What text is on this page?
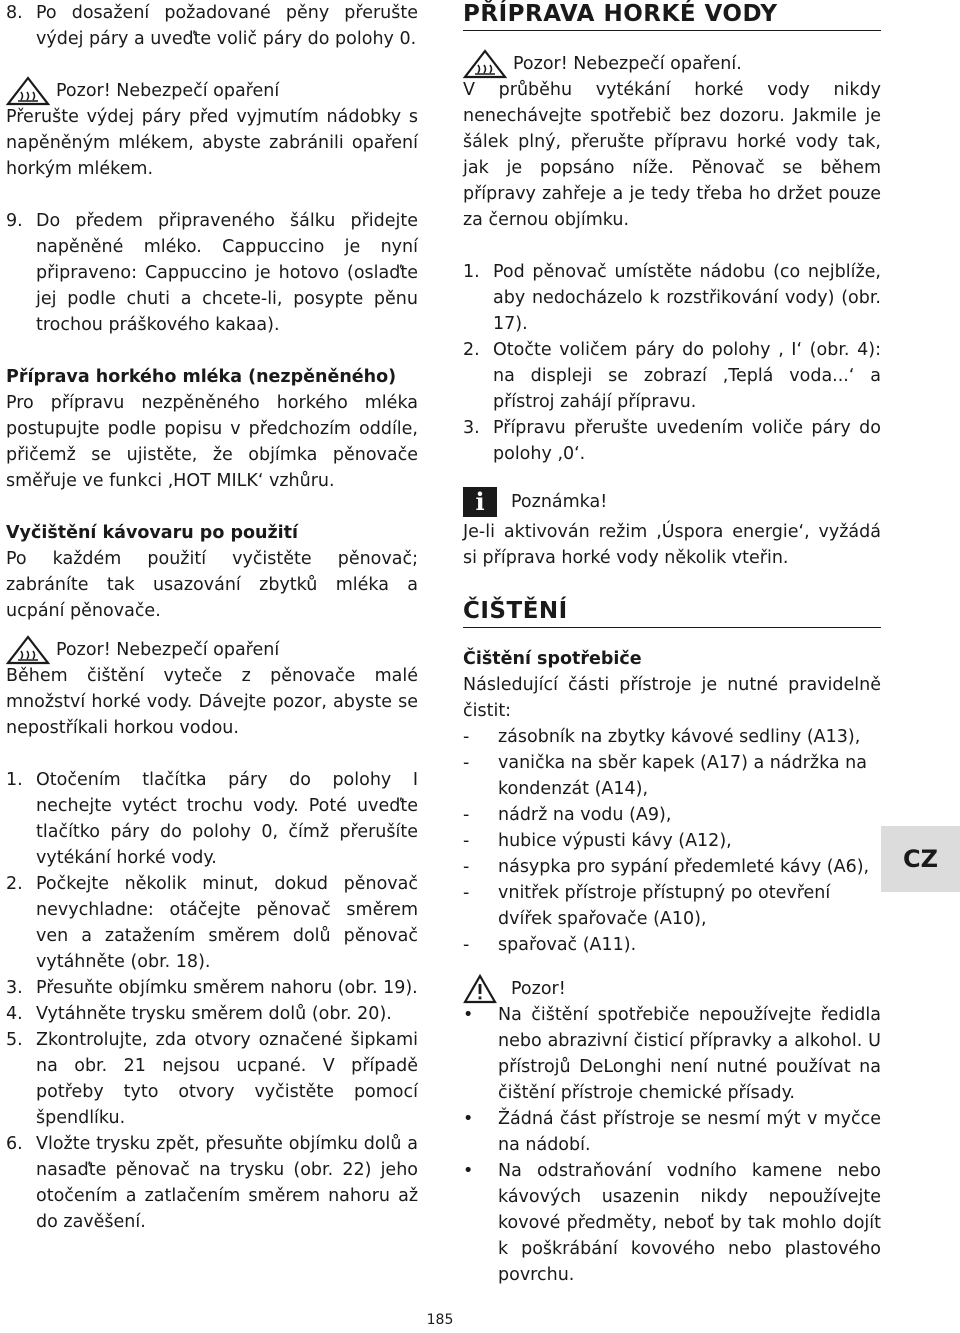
8. Po dosažení požadované pěny přerušte výdej páry a uveďte volič páry do polohy 0.
Pozor! Nebezpečí opaření

Přerušte výdej páry před vyjmutím nádobky s napěněným mlékem, abyste zabránili opaření horkým mlékem.

9. Do předem připraveného šálku přidejte napěněné mléko. Cappuccino je nyní připraveno: Cappuccino je hotovo (oslaďte jej podle chuti a chcete-li, posypte pěnu trochou práškového kakaa).

Příprava horkého mléka (nezpěněného)

Pro přípravu nezpěněného horkého mléka postupujte podle popisu v předchozím oddíle, přičemž se ujistěte, že objímka pěnovače směřuje ve funkci ‚HOT MILK‘ vzhůru.

Vyčištění kávovaru po použití

Po každém použití vyčistěte pěnovač; zabráníte tak usazování zbytků mléka a ucpání pěnovače.

Pozor! Nebezpečí opaření

Během čištění vyteče z pěnovače malé množství horké vody. Dávejte pozor, abyste se nepostříkali horkou vodou.

1. Otočením tlačítka páry do polohy I nechejte vytéct trochu vody. Poté uveďte tlačítko páry do polohy 0, čímž přerušíte vytékání horké vody.
2. Počkejte několik minut, dokud pěnovač nevychladne: otáčejte pěnovač směrem ven a zatažením směrem dolů pěnovač vytáhněte (obr. 18).
3. Přesuňte objímku směrem nahoru (obr. 19).
4. Vytáhněte trysku směrem dolů (obr. 20).
5. Zkontrolujte, zda otvory označené šipkami na obr. 21 nejsou ucpané. V případě potřeby tyto otvory vyčistěte pomocí špendlíku.
6. Vložte trysku zpět, přesuňte objímku dolů a nasaďte pěnovač na trysku (obr. 22) jeho otočením a zatlačením směrem nahoru až do zavěšení.
PŘÍPRAVA HORKÉ VODY
Pozor! Nebezpečí opaření.

V průběhu vytékání horké vody nikdy nenechávejte spotřebič bez dozoru. Jakmile je šálek plný, přerušte přípravu horké vody tak, jak je popsáno níže. Pěnovač se během přípravy zahřeje a je tedy třeba ho držet pouze za černou objímku.

1. Pod pěnovač umístěte nádobu (co nejblíže, aby nedocházelo k rozstřikování vody) (obr. 17).
2. Otočte voličem páry do polohy ‚ I‘ (obr. 4): na displeji se zobrazí ‚Teplá voda...‘ a přístroj zahájí přípravu.
3. Přípravu přerušte uvedením voliče páry do polohy ‚0‘.
i	Poznámka!

Je-li aktivován režim ‚Úspora energie‘, vyžádá si příprava horké vody několik vteřin.

ČIŠTĚNÍ

Čištění spotřebiče

Následující části přístroje je nutné pravidelně čistit:

-	zásobník na zbytky kávové sedliny (A13),
-	vanička na sběr kapek (A17) a nádržka na kondenzát (A14),
-	nádrž na vodu (A9),
-	hubice výpusti kávy (A12),
-	násypka pro sypání předemleté kávy (A6),
-	vnitřek přístroje přístupný po otevření dvířek spařovače (A10),
-	spařovač (A11).
Pozor!
•	Na čištění spotřebiče nepoužívejte ředidla nebo abrazivní čisticí přípravky a alkohol. U přístrojů DeLonghi není nutné používat na čištění přístroje chemické přísady.
•	Žádná část přístroje se nesmí mýt v myčce na nádobí.
•	Na odstraňování vodního kamene nebo kávových usazenin nikdy nepoužívejte kovové předměty, neboť by tak mohlo dojít k poškrábání kovového nebo plastového povrchu.
CZ
185
